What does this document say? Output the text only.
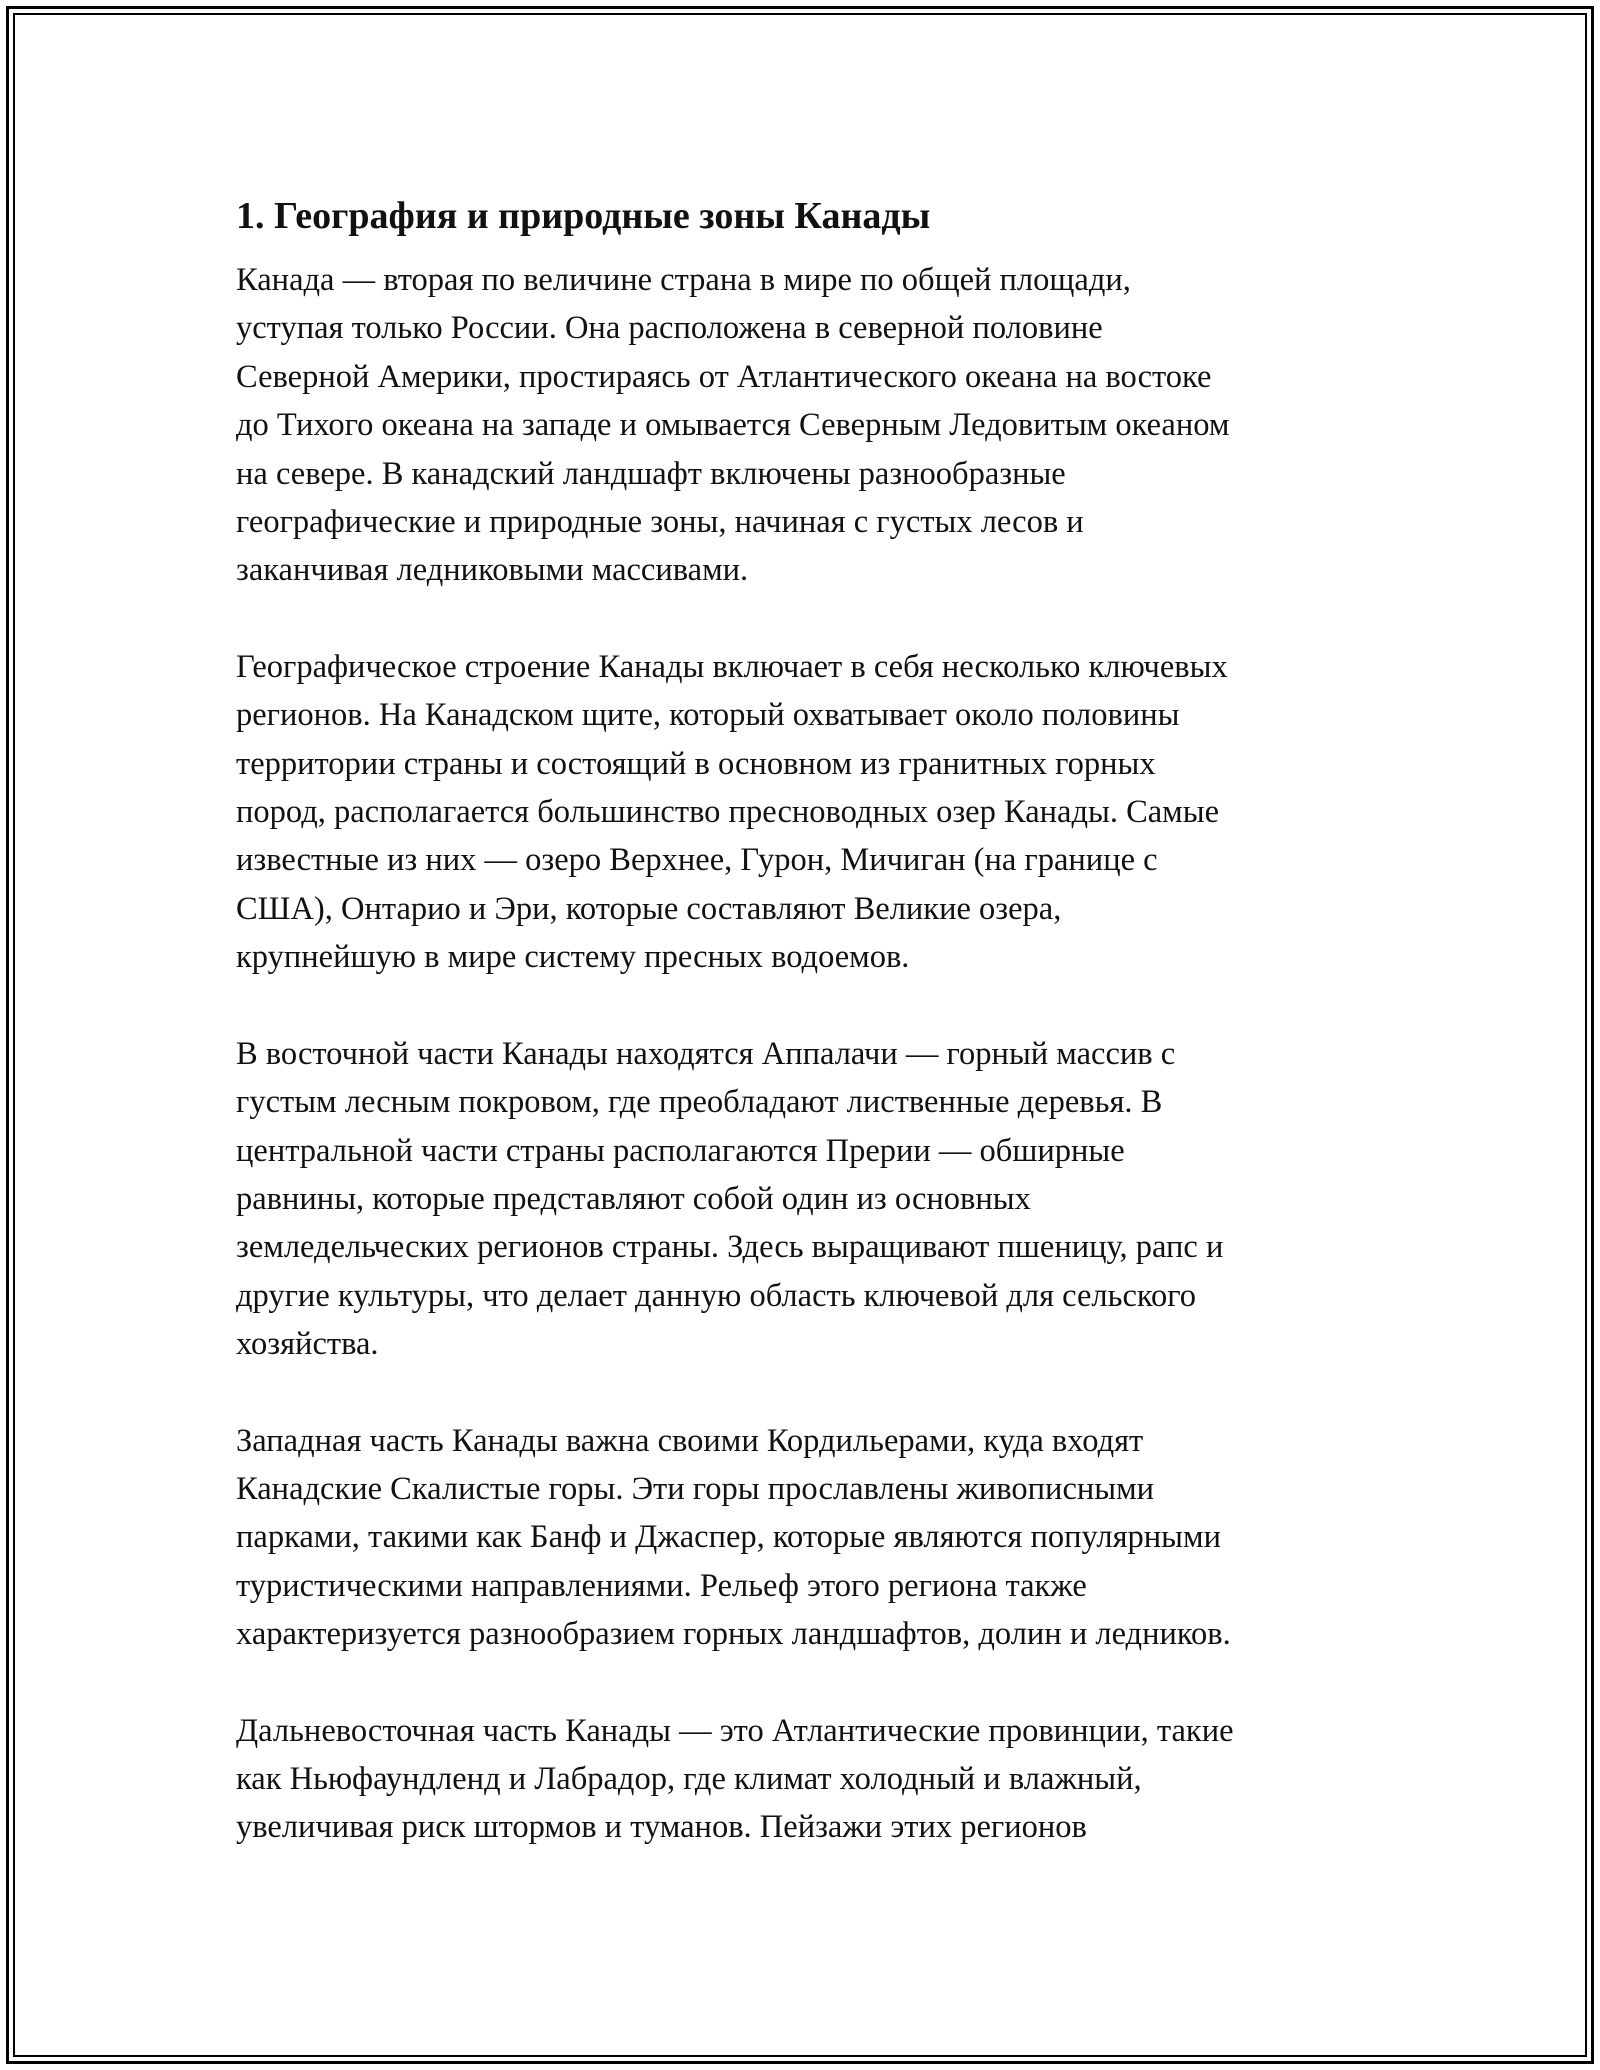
1. География и природные зоны Канады

Канада — вторая по величине страна в мире по общей площади,
уступая только России. Она расположена в северной половине
Северной Америки, простираясь от Атлантического океана на востоке
до Тихого океана на западе и омывается Северным Ледовитым океаном
на севере. В канадский ландшафт включены разнообразные
географические и природные зоны, начиная с густых лесов и
заканчивая ледниковыми массивами.

Географическое строение Канады включает в себя несколько ключевых
регионов. На Канадском щите, который охватывает около половины
территории страны и состоящий в основном из гранитных горных
пород, располагается большинство пресноводных озер Канады. Самые
известные из них — озеро Верхнее, Гурон, Мичиган (на границе с
США), Онтарио и Эри, которые составляют Великие озера,
крупнейшую в мире систему пресных водоемов.

В восточной части Канады находятся Аппалачи — горный массив с
густым лесным покровом, где преобладают лиственные деревья. В
центральной части страны располагаются Прерии — обширные
равнины, которые представляют собой один из основных
земледельческих регионов страны. Здесь выращивают пшеницу, рапс и
другие культуры, что делает данную область ключевой для сельского
хозяйства.

Западная часть Канады важна своими Кордильерами, куда входят
Канадские Скалистые горы. Эти горы прославлены живописными
парками, такими как Банф и Джаспер, которые являются популярными
туристическими направлениями. Рельеф этого региона также
характеризуется разнообразием горных ландшафтов, долин и ледников.

Дальневосточная часть Канады — это Атлантические провинции, такие
как Ньюфаундленд и Лабрадор, где климат холодный и влажный,
увеличивая риск штормов и туманов. Пейзажи этих регионов
